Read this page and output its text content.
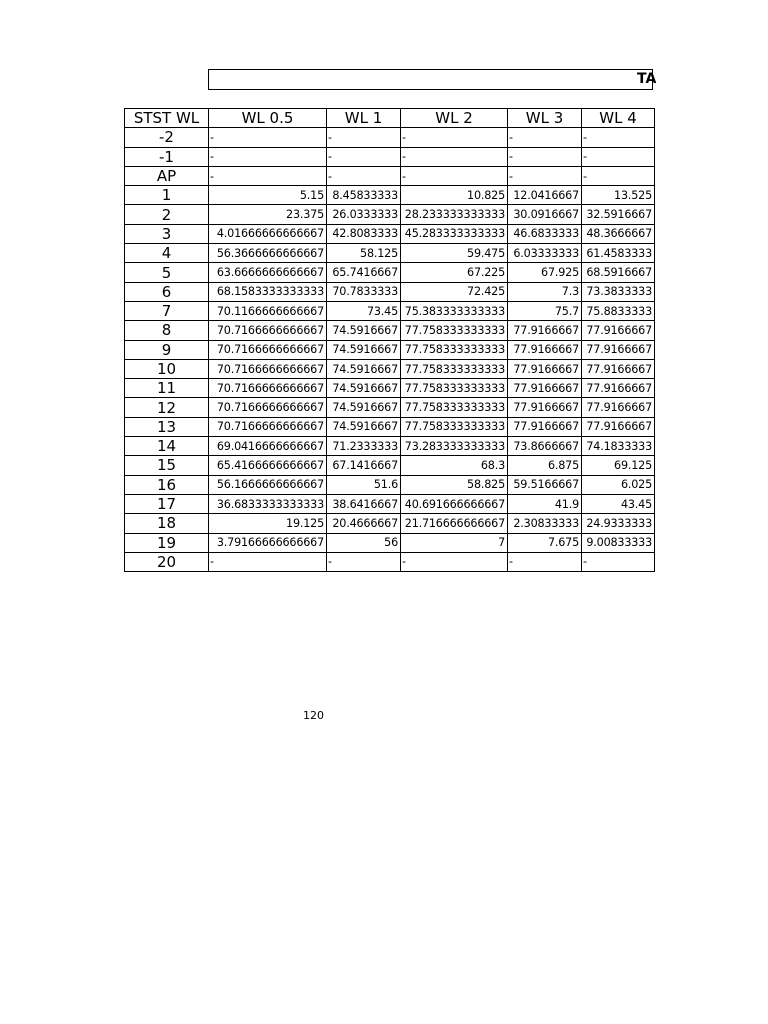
TA
STST WL	WL 0.5	WL 1	WL 2	WL 3	WL 4
-2	-	-	-	-	-
-1	-	-	-	-	-
AP	-	-	-	-	-
1	5.15	8.45833333	10.825	12.0416667	13.525
2	23.375	26.0333333	28.233333333333	30.0916667	32.5916667
3	4.01666666666667	42.8083333	45.283333333333	46.6833333	48.3666667
4	56.3666666666667	58.125	59.475	6.03333333	61.4583333
5	63.6666666666667	65.7416667	67.225	67.925	68.5916667
6	68.1583333333333	70.7833333	72.425	7.3	73.3833333
7	70.1166666666667	73.45	75.383333333333	75.7	75.8833333
8	70.7166666666667	74.5916667	77.758333333333	77.9166667	77.9166667
9	70.7166666666667	74.5916667	77.758333333333	77.9166667	77.9166667
10	70.7166666666667	74.5916667	77.758333333333	77.9166667	77.9166667
11	70.7166666666667	74.5916667	77.758333333333	77.9166667	77.9166667
12	70.7166666666667	74.5916667	77.758333333333	77.9166667	77.9166667
13	70.7166666666667	74.5916667	77.758333333333	77.9166667	77.9166667
14	69.0416666666667	71.2333333	73.283333333333	73.8666667	74.1833333
15	65.4166666666667	67.1416667	68.3	6.875	69.125
16	56.1666666666667	51.6	58.825	59.5166667	6.025
17	36.6833333333333	38.6416667	40.691666666667	41.9	43.45
18	19.125	20.4666667	21.716666666667	2.30833333	24.9333333
19	3.79166666666667	56	7	7.675	9.00833333
20	-	-	-	-	-
120
